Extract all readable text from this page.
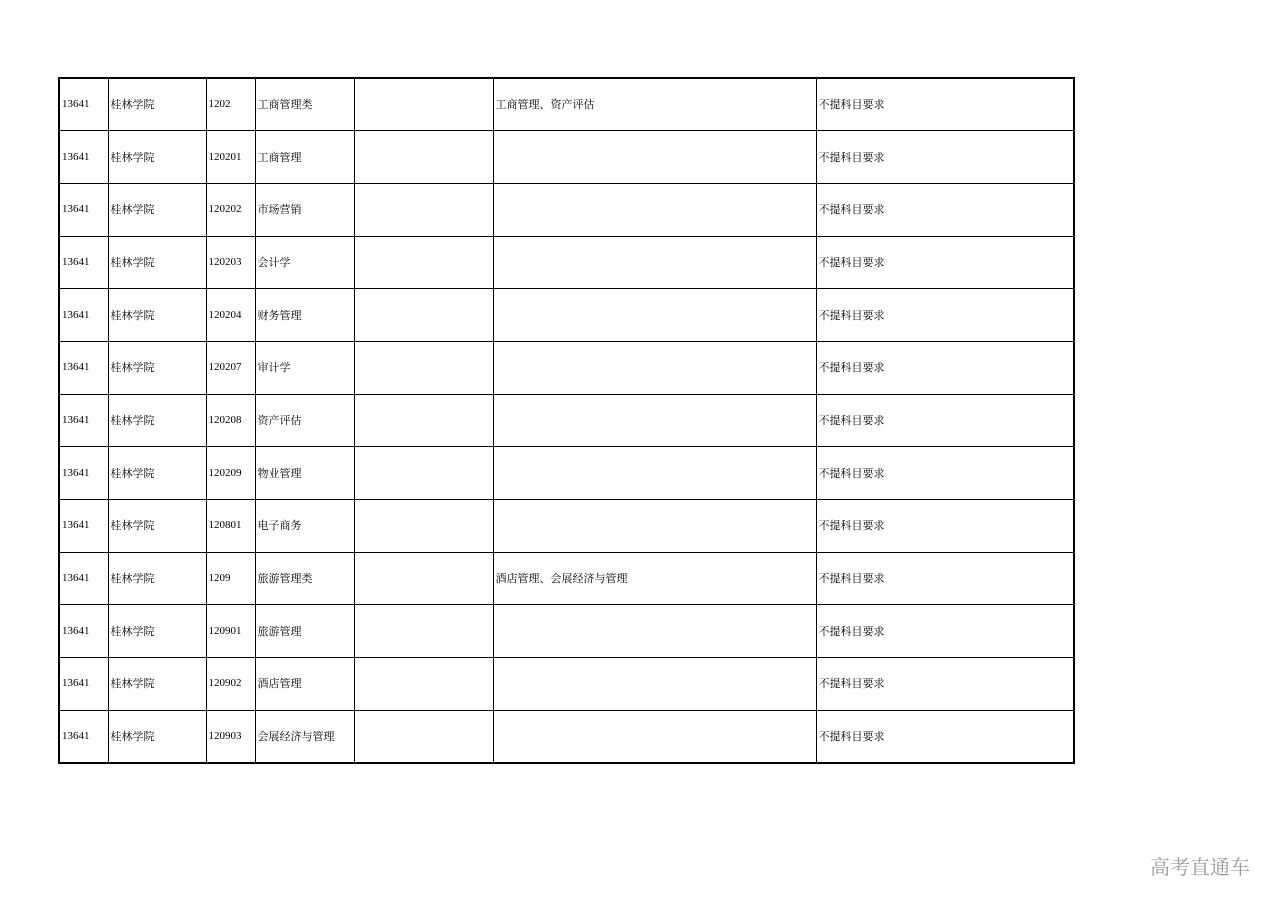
13641	桂林学院	1202	工商管理类		工商管理、资产评估	不提科目要求
13641	桂林学院	120201	工商管理			不提科目要求
13641	桂林学院	120202	市场营销			不提科目要求
13641	桂林学院	120203	会计学			不提科目要求
13641	桂林学院	120204	财务管理			不提科目要求
13641	桂林学院	120207	审计学			不提科目要求
13641	桂林学院	120208	资产评估			不提科目要求
13641	桂林学院	120209	物业管理			不提科目要求
13641	桂林学院	120801	电子商务			不提科目要求
13641	桂林学院	1209	旅游管理类		酒店管理、会展经济与管理	不提科目要求
13641	桂林学院	120901	旅游管理			不提科目要求
13641	桂林学院	120902	酒店管理			不提科目要求
13641	桂林学院	120903	会展经济与管理			不提科目要求
高考直通车
